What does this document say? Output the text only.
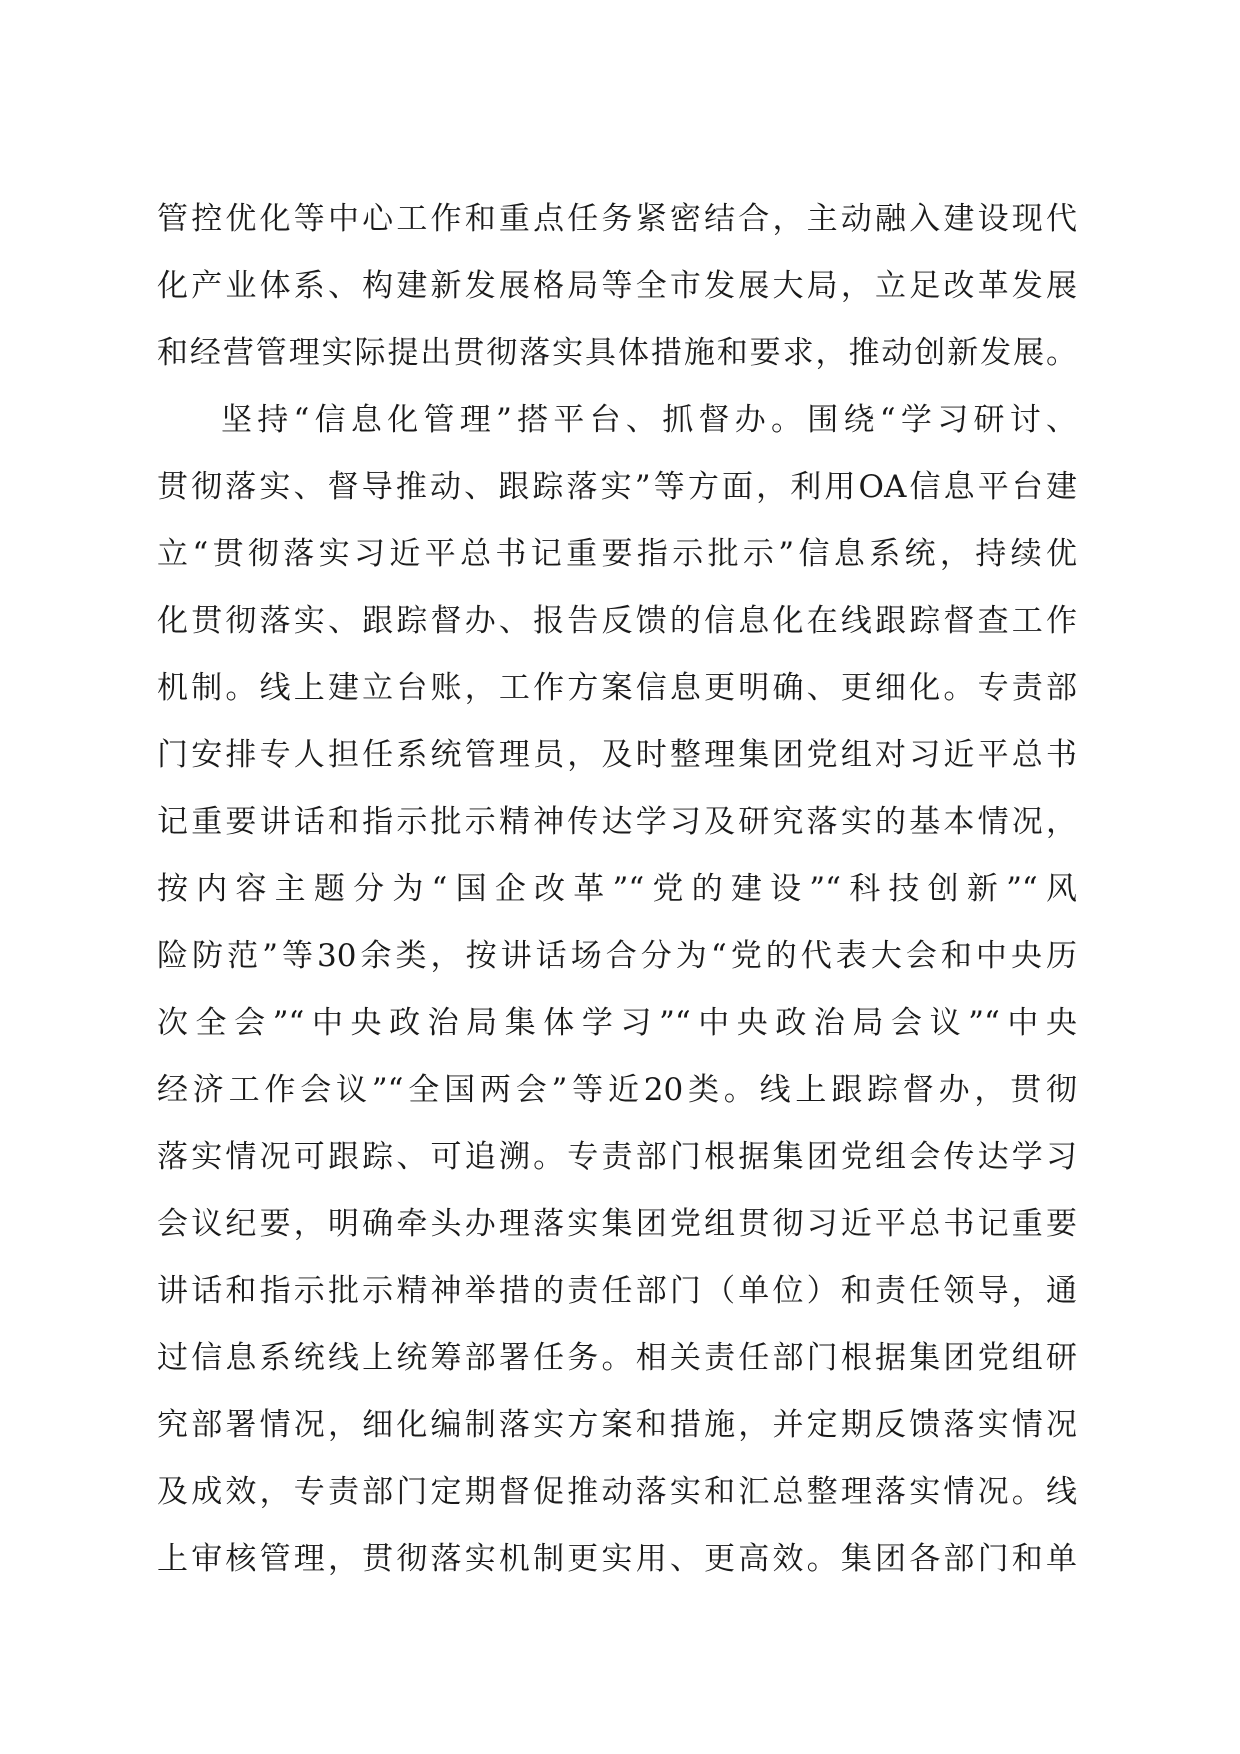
管控优化等中心工作和重点任务紧密结合，主动融入建设现代
化产业体系、构建新发展格局等全市发展大局，立足改革发展
和经营管理实际提出贯彻落实具体措施和要求，推动创新发展。
坚持“信息化管理”搭平台、抓督办。围绕“学习研讨、
贯彻落实、督导推动、跟踪落实”等方面，利用OA信息平台建
立“贯彻落实习近平总书记重要指示批示”信息系统，持续优
化贯彻落实、跟踪督办、报告反馈的信息化在线跟踪督查工作
机制。线上建立台账，工作方案信息更明确、更细化。专责部
门安排专人担任系统管理员，及时整理集团党组对习近平总书
记重要讲话和指示批示精神传达学习及研究落实的基本情况，
按内容主题分为“国企改革”“党的建设”“科技创新”“风
险防范”等30余类，按讲话场合分为“党的代表大会和中央历
次全会”“中央政治局集体学习”“中央政治局会议”“中央
经济工作会议”“全国两会”等近20类。线上跟踪督办，贯彻
落实情况可跟踪、可追溯。专责部门根据集团党组会传达学习
会议纪要，明确牵头办理落实集团党组贯彻习近平总书记重要
讲话和指示批示精神举措的责任部门（单位）和责任领导，通
过信息系统线上统筹部署任务。相关责任部门根据集团党组研
究部署情况，细化编制落实方案和措施，并定期反馈落实情况
及成效，专责部门定期督促推动落实和汇总整理落实情况。线
上审核管理，贯彻落实机制更实用、更高效。集团各部门和单
